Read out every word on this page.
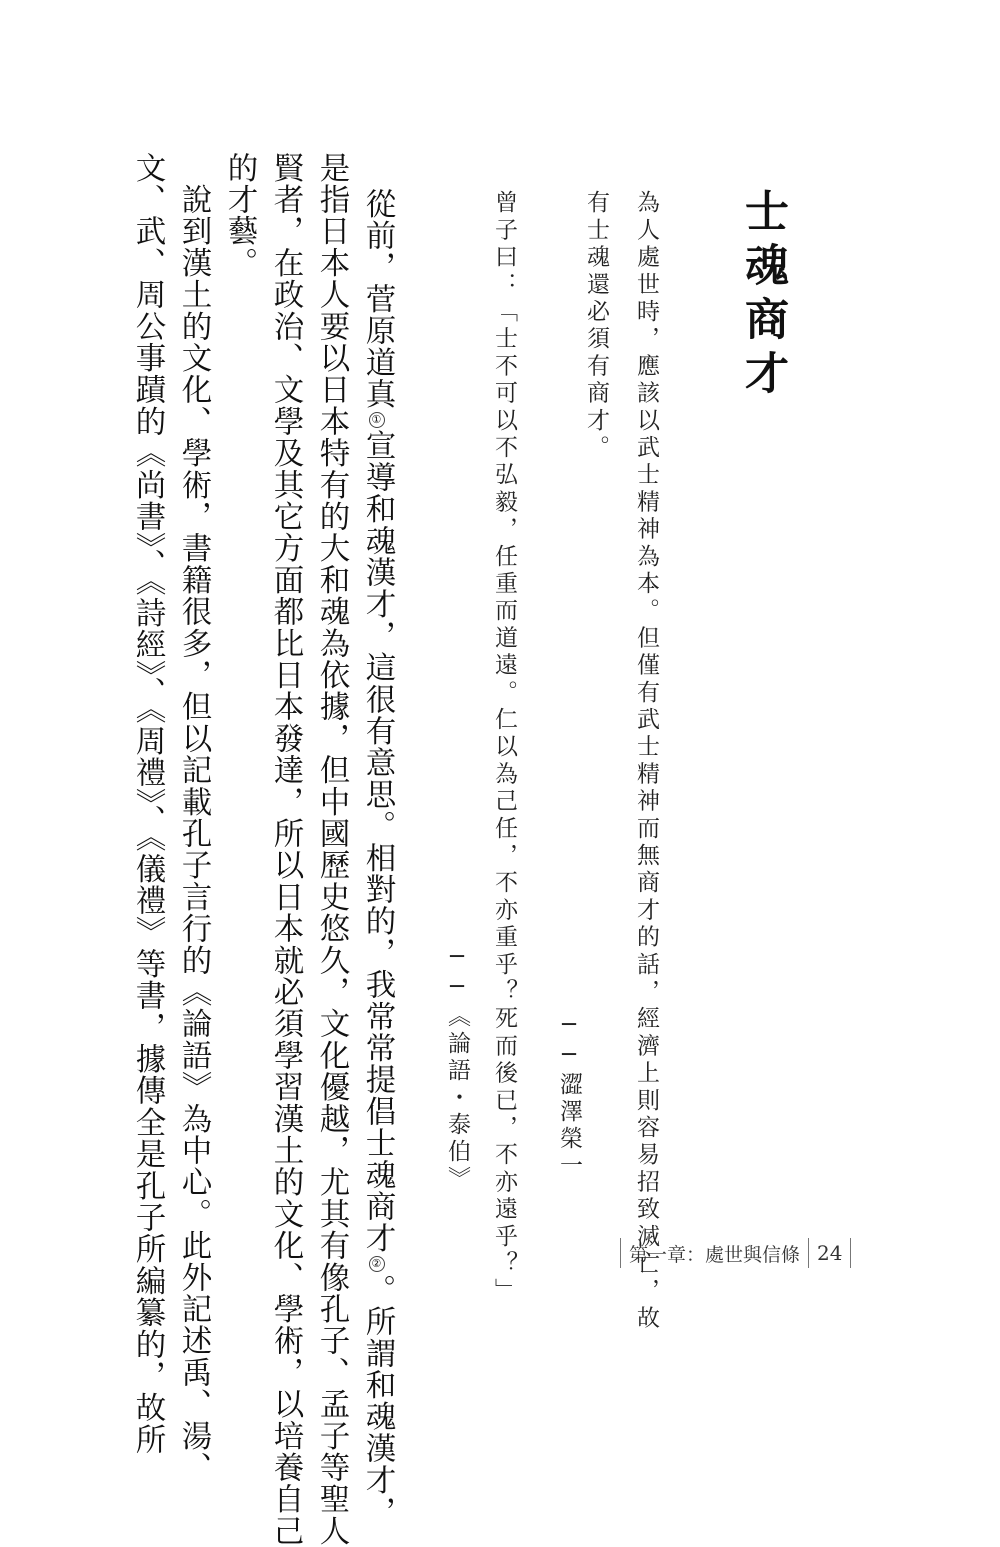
士魂商才
為人處世時，應該以武士精神為本。但僅有武士精神而無商才的話，經濟上則容易招致滅亡，故
有士魂還必須有商才。
──澀澤榮一
曾子曰：「士不可以不弘毅，任重而道遠。仁以為己任，不亦重乎？死而後已，不亦遠乎？」
──《論語・泰伯》
從前，菅原道真①宣導和魂漢才，這很有意思。相對的，我常常提倡士魂商才②。所謂和魂漢才，
是指日本人要以日本特有的大和魂為依據，但中國歷史悠久，文化優越，尤其有像孔子、孟子等聖人
賢者，在政治、文學及其它方面都比日本發達，所以日本就必須學習漢土的文化、學術，以培養自己
的才藝。
　說到漢土的文化、學術，書籍很多，但以記載孔子言行的《論語》為中心。此外記述禹、湯、
文、武、周公事蹟的《尚書》、《詩經》、《周禮》、《儀禮》等書，據傳全是孔子所編纂的，故所	第一章：處世與信條 24
